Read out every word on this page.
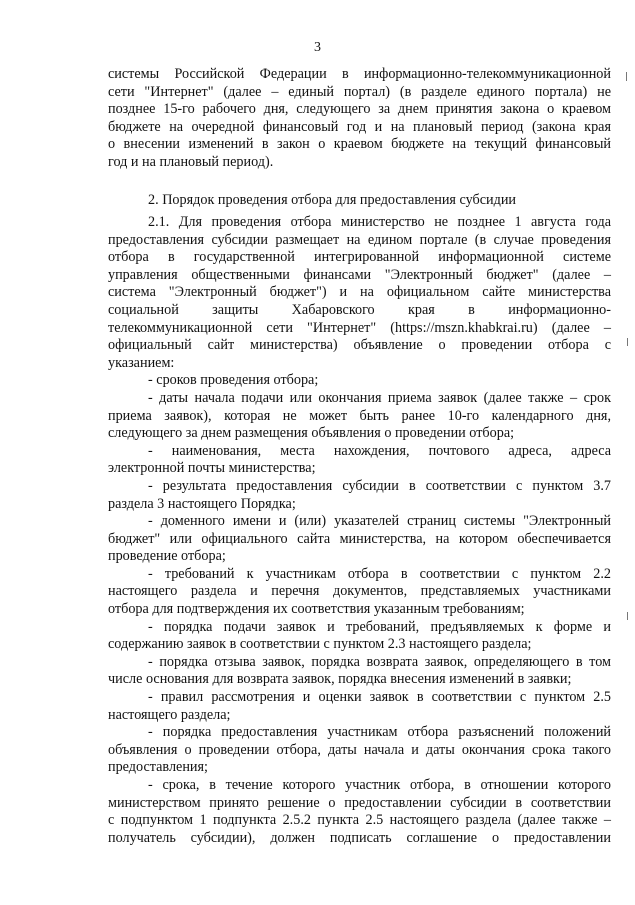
3
системы Российской Федерации в информационно-телекоммуникационной
сети "Интернет" (далее – единый портал) (в разделе единого портала) не
позднее 15-го рабочего дня, следующего за днем принятия закона о краевом
бюджете на очередной финансовый год и на плановый период (закона края
о внесении изменений в закон о краевом бюджете на текущий финансовый
год и на плановый период).
2. Порядок проведения отбора для предоставления субсидии
2.1. Для проведения отбора министерство не позднее 1 августа года
предоставления субсидии размещает на едином портале (в случае проведения
отбора в государственной интегрированной информационной системе
управления общественными финансами "Электронный бюджет" (далее –
система "Электронный бюджет") и на официальном сайте министерства
социальной защиты Хабаровского края в информационно-
телекоммуникационной сети "Интернет" (https://mszn.khabkrai.ru) (далее –
официальный сайт министерства) объявление о проведении отбора с
указанием:
- сроков проведения отбора;
- даты начала подачи или окончания приема заявок (далее также – срок
приема заявок), которая не может быть ранее 10-го календарного дня,
следующего за днем размещения объявления о проведении отбора;
- наименования, места нахождения, почтового адреса, адреса
электронной почты министерства;
- результата предоставления субсидии в соответствии с пунктом 3.7
раздела 3 настоящего Порядка;
- доменного имени и (или) указателей страниц системы "Электронный
бюджет" или официального сайта министерства, на котором обеспечивается
проведение отбора;
- требований к участникам отбора в соответствии с пунктом 2.2
настоящего раздела и перечня документов, представляемых участниками
отбора для подтверждения их соответствия указанным требованиям;
- порядка подачи заявок и требований, предъявляемых к форме и
содержанию заявок в соответствии с пунктом 2.3 настоящего раздела;
- порядка отзыва заявок, порядка возврата заявок, определяющего в том
числе основания для возврата заявок, порядка внесения изменений в заявки;
- правил рассмотрения и оценки заявок в соответствии с пунктом 2.5
настоящего раздела;
- порядка предоставления участникам отбора разъяснений положений
объявления о проведении отбора, даты начала и даты окончания срока такого
предоставления;
- срока, в течение которого участник отбора, в отношении которого
министерством принято решение о предоставлении субсидии в соответствии
с подпунктом 1 подпункта 2.5.2 пункта 2.5 настоящего раздела (далее также –
получатель субсидии), должен подписать соглашение о предоставлении
